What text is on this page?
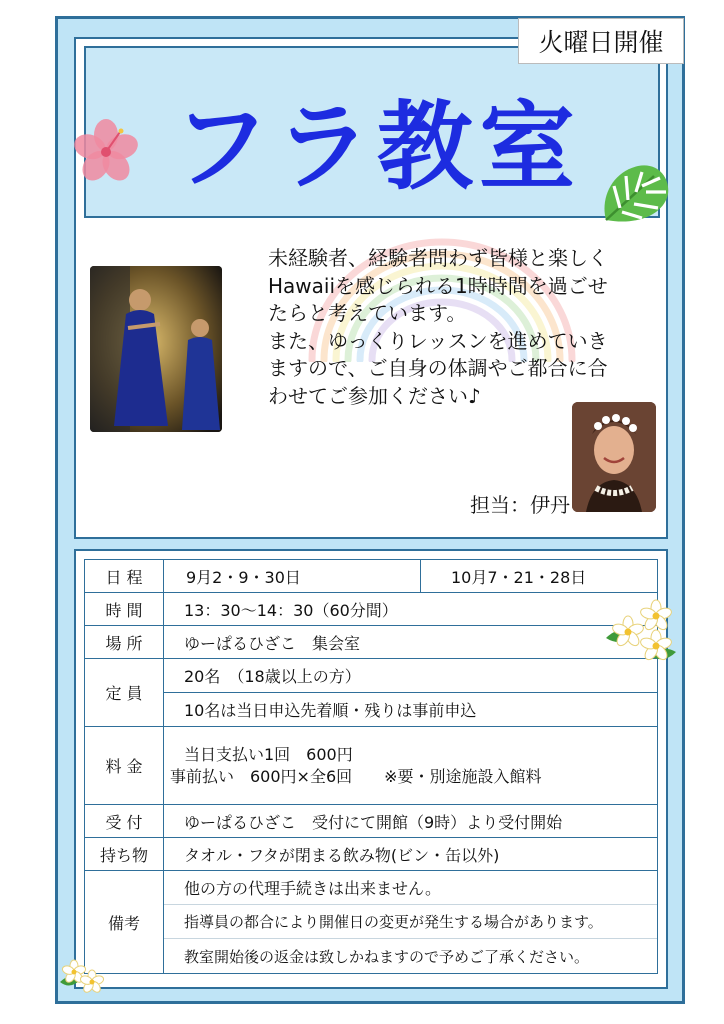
フラ教室
火曜日開催
未経験者、経験者問わず皆様と楽しく
Hawaiiを感じられる1時時間を過ごせ
たらと考えています。
また、ゆっくりレッスンを進めていき
ますので、ご自身の体調やご都合に合
わせてご参加ください♪
担当：伊丹
日 程	9月2・9・30日	10月7・21・28日
時 間	13：30～14：30（60分間）	
場 所	ゆーぱるひざこ　集会室	
定 員	20名　（18歳以上の方）
10名は当日申込先着順・残りは事前申込	

料 金	当日支払い1回　600円
事前払い　600円×全6回　　※要・別途施設入館料	

受 付	ゆーぱるひざこ　受付にて開館（9時）より受付開始	
持ち物	タオル・フタが閉まる飲み物(ビン・缶以外)	
備考	他の方の代理手続きは出来ません。
指導員の都合により開催日の変更が発生する場合があります。
教室開始後の返金は致しかねますので予めご了承ください。	
